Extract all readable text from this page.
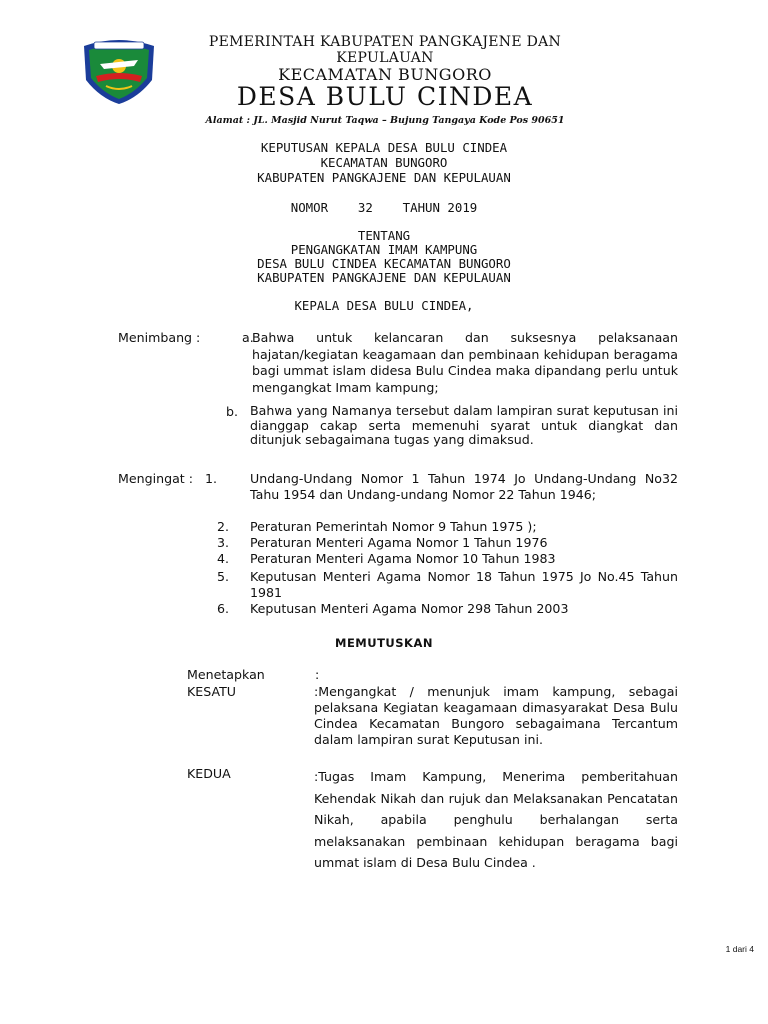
PEMERINTAH KABUPATEN PANGKAJENE DAN KEPULAUAN
KECAMATAN BUNGORO
DESA BULU CINDEA
Alamat : JL. Masjid Nurut Taqwa – Bujung Tangaya Kode Pos 90651
KEPUTUSAN KEPALA DESA BULU CINDEA
KECAMATAN BUNGORO
KABUPATEN PANGKAJENE DAN KEPULAUAN
NOMOR    32    TAHUN 2019
TENTANG
PENGANGKATAN IMAM KAMPUNG
DESA BULU CINDEA KECAMATAN BUNGORO
KABUPATEN PANGKAJENE DAN KEPULAUAN
KEPALA DESA BULU CINDEA,
Menimbang :	a.
Bahwa untuk kelancaran dan suksesnya pelaksanaan hajatan/kegiatan keagamaan dan pembinaan kehidupan beragama bagi ummat islam didesa Bulu Cindea maka dipandang perlu untuk mengangkat Imam kampung;
b. Bahwa yang Namanya tersebut dalam lampiran surat keputusan ini dianggap cakap serta memenuhi syarat untuk diangkat dan ditunjuk sebagaimana tugas yang dimaksud.
Mengingat : 1.	Undang-Undang Nomor 1 Tahun 1974 Jo Undang-Undang No32 Tahu 1954 dan Undang-undang Nomor 22 Tahun 1946;
2. Peraturan Pemerintah Nomor 9 Tahun 1975 );
3. Peraturan Menteri Agama Nomor 1 Tahun 1976
4. Peraturan Menteri Agama Nomor 10 Tahun 1983
5. Keputusan Menteri Agama Nomor 18 Tahun 1975 Jo No.45 Tahun 1981
6. Keputusan Menteri Agama Nomor 298 Tahun 2003
MEMUTUSKAN
Menetapkan	:
KESATU	:Mengangkat / menunjuk imam kampung, sebagai pelaksana Kegiatan keagamaan dimasyarakat Desa Bulu Cindea Kecamatan Bungoro sebagaimana Tercantum dalam lampiran surat Keputusan ini.
KEDUA	:Tugas Imam Kampung, Menerima pemberitahuan Kehendak Nikah dan rujuk dan Melaksanakan Pencatatan Nikah, apabila penghulu berhalangan serta melaksanakan pembinaan kehidupan beragama bagi ummat islam di Desa Bulu Cindea .
1 dari 4
